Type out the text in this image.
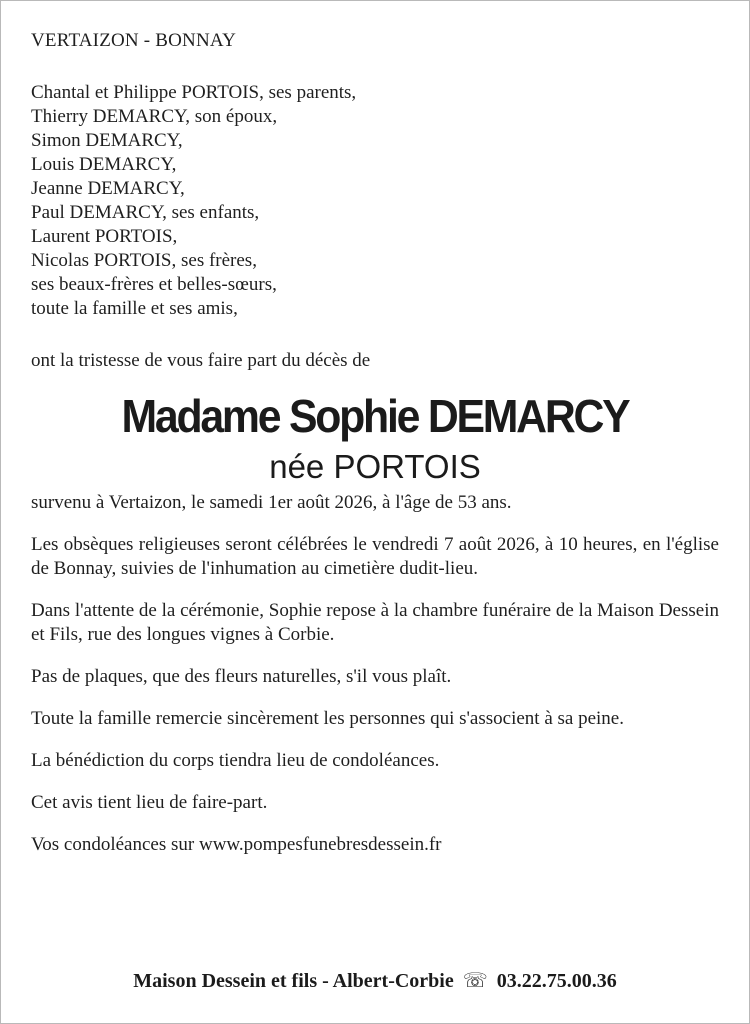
VERTAIZON - BONNAY
Chantal et Philippe PORTOIS, ses parents,
Thierry DEMARCY, son époux,
Simon DEMARCY,
Louis DEMARCY,
Jeanne DEMARCY,
Paul DEMARCY, ses enfants,
Laurent PORTOIS,
Nicolas PORTOIS, ses frères,
ses beaux-frères et belles-sœurs,
toute la famille et ses amis,
ont la tristesse de vous faire part du décès de
Madame Sophie DEMARCY
née PORTOIS
survenu à Vertaizon, le samedi 1er août 2026, à l'âge de 53 ans.
Les obsèques religieuses seront célébrées le vendredi 7 août 2026, à 10 heures, en l'église de Bonnay, suivies de l'inhumation au cimetière dudit-lieu.
Dans l'attente de la cérémonie, Sophie repose à la chambre funéraire de la Maison Dessein et Fils, rue des longues vignes à Corbie.
Pas de plaques, que des fleurs naturelles, s'il vous plaît.
Toute la famille remercie sincèrement les personnes qui s'associent à sa peine.
La bénédiction du corps tiendra lieu de condoléances.
Cet avis tient lieu de faire-part.
Vos condoléances sur www.pompesfunebresdessein.fr
Maison Dessein et fils - Albert-Corbie ☏ 03.22.75.00.36
